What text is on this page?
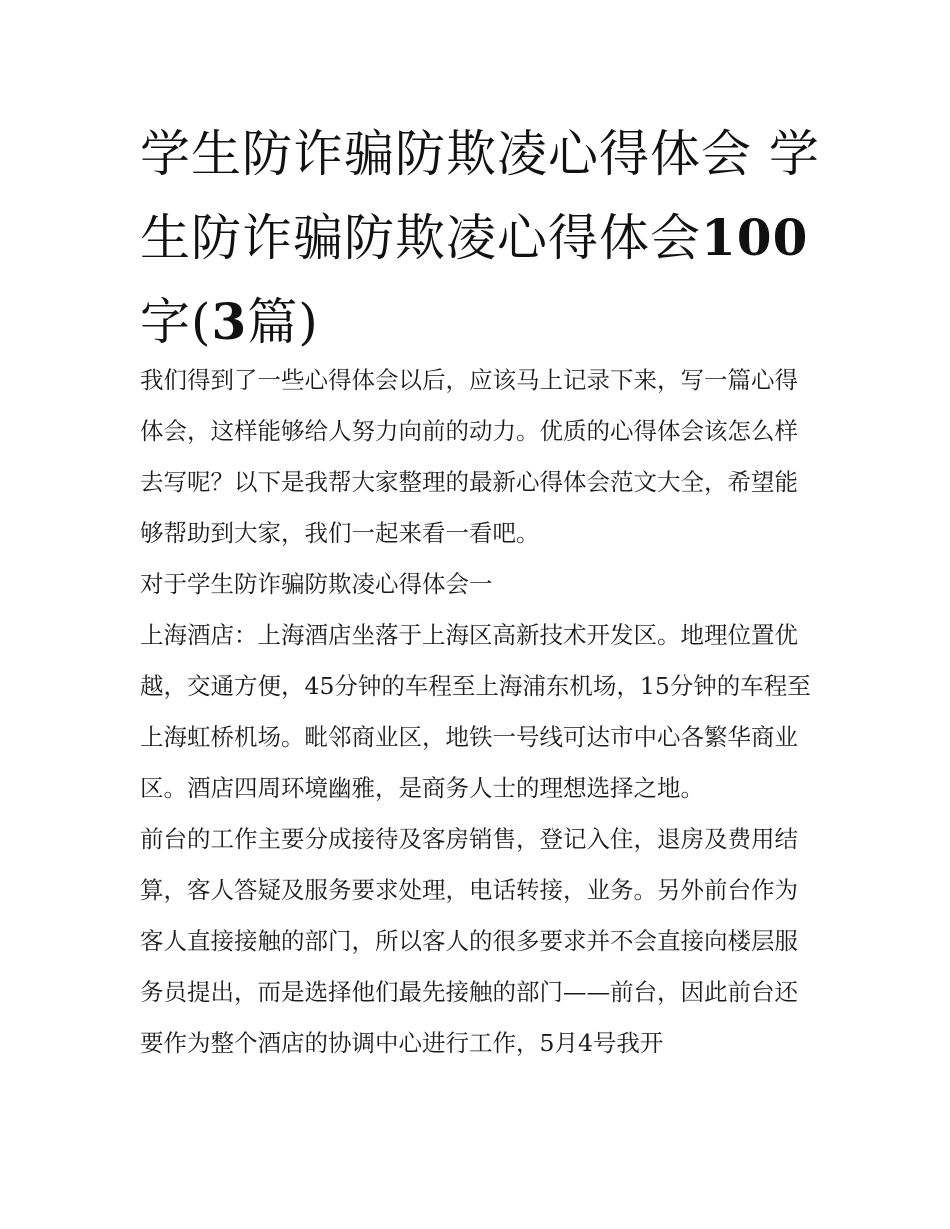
学生防诈骗防欺凌心得体会 学生防诈骗防欺凌心得体会100
字(3篇)

我们得到了一些心得体会以后，应该马上记录下来，写一篇心得体会，这样能够给人努力向前的动力。优质的心得体会该怎么样去写呢？以下是我帮大家整理的最新心得体会范文大全，希望能够帮助到大家，我们一起来看一看吧。

对于学生防诈骗防欺凌心得体会一

上海酒店：上海酒店坐落于上海区高新技术开发区。地理位置优越，交通方便，45分钟的车程至上海浦东机场，15分钟的车程至上海虹桥机场。毗邻商业区，地铁一号线可达市中心各繁华商业区。酒店四周环境幽雅，是商务人士的理想选择之地。

前台的工作主要分成接待及客房销售，登记入住，退房及费用结算，客人答疑及服务要求处理，电话转接，业务。另外前台作为客人直接接触的部门，所以客人的很多要求并不会直接向楼层服务员提出，而是选择他们最先接触的部门——前台，因此前台还要作为整个酒店的协调中心进行工作，5月4号我开
